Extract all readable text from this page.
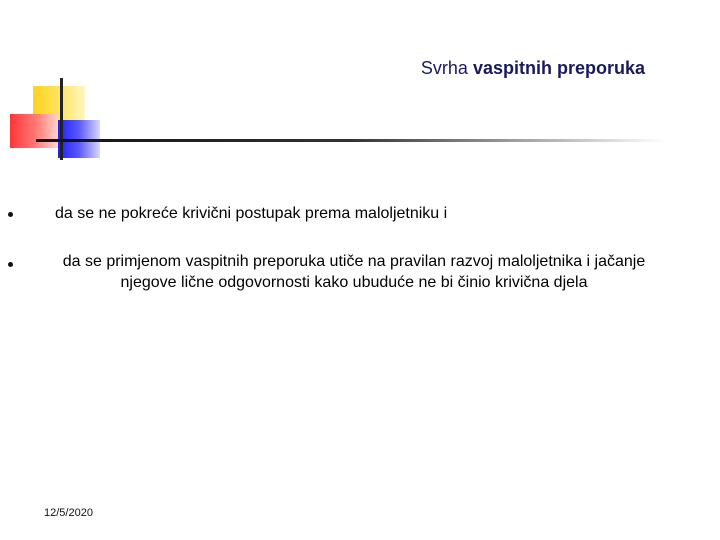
Svrha vaspitnih preporuka
da se ne pokreće krivični postupak prema maloljetniku i
da se primjenom vaspitnih preporuka utiče na pravilan razvoj maloljetnika i jačanje njegove lične odgovornosti kako ubuduće ne bi činio krivična djela
12/5/2020
